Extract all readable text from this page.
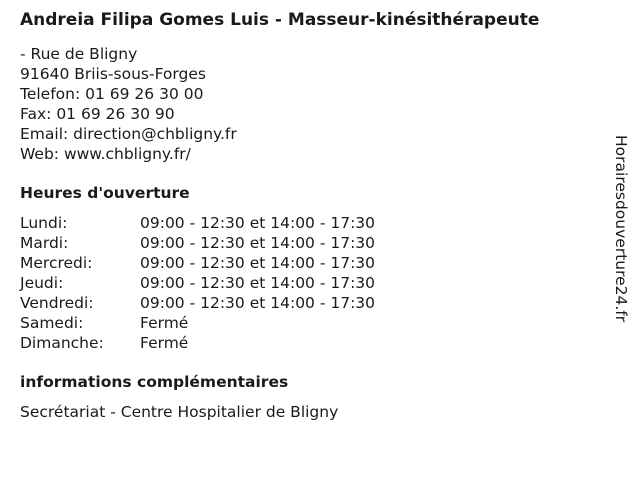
Andreia Filipa Gomes Luis - Masseur-kinésithérapeute
- Rue de Bligny
91640 Briis-sous-Forges
Telefon: 01 69 26 30 00
Fax: 01 69 26 30 90
Email: direction@chbligny.fr
Web: www.chbligny.fr/
Heures d'ouverture
Lundi:	09:00 - 12:30 et 14:00 - 17:30
Mardi:	09:00 - 12:30 et 14:00 - 17:30
Mercredi:	09:00 - 12:30 et 14:00 - 17:30
Jeudi:	09:00 - 12:30 et 14:00 - 17:30
Vendredi:	09:00 - 12:30 et 14:00 - 17:30
Samedi:	Fermé
Dimanche:	Fermé
informations complémentaires
Secrétariat - Centre Hospitalier de Bligny
Horairesdouverture24.fr
